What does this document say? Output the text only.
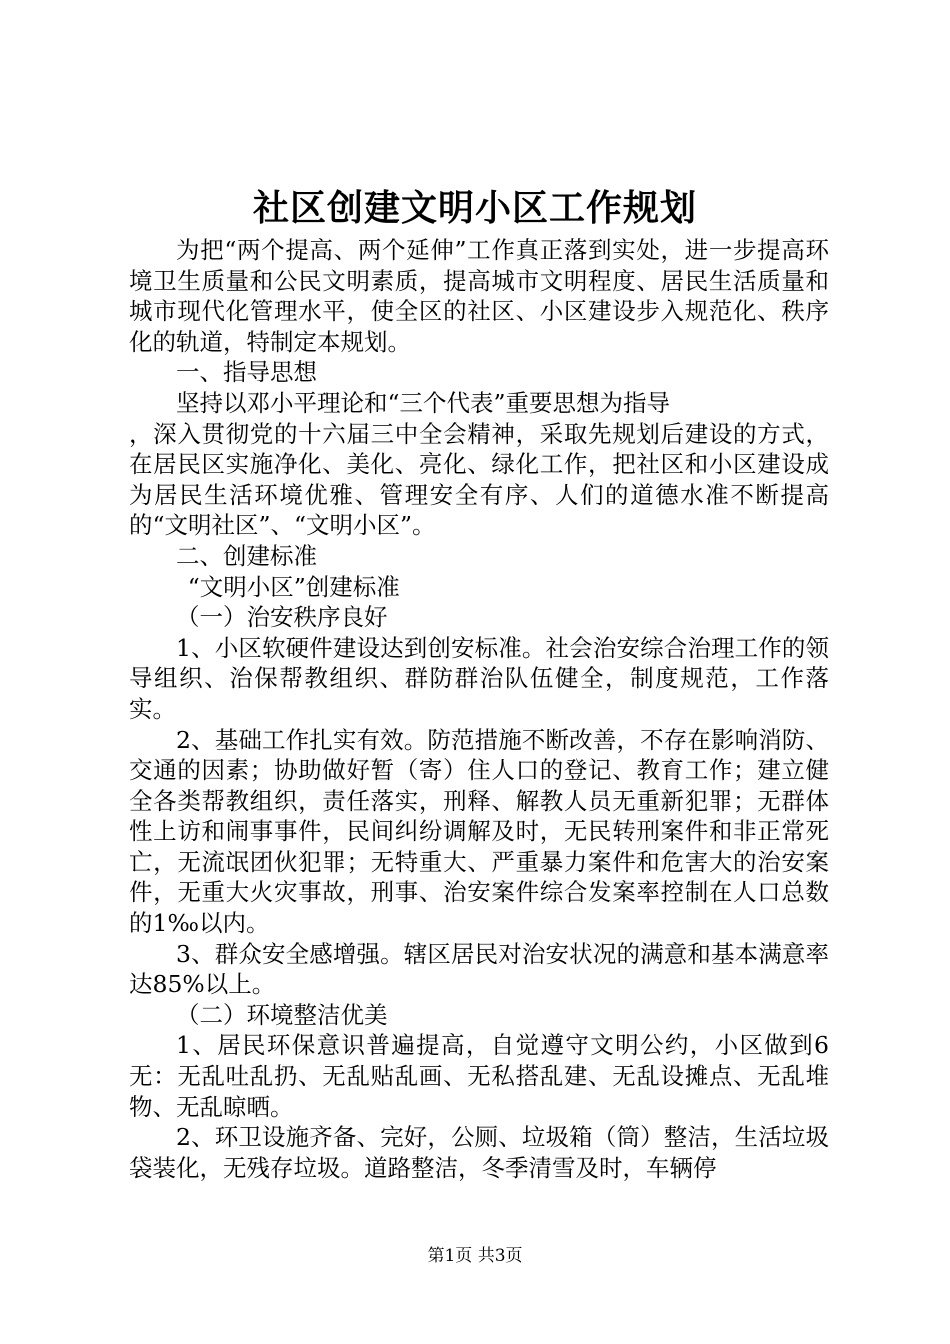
社区创建文明小区工作规划

为把“两个提高、两个延伸”工作真正落到实处，进一步提高环境卫生质量和公民文明素质，提高城市文明程度、居民生活质量和城市现代化管理水平，使全区的社区、小区建设步入规范化、秩序化的轨道，特制定本规划。

一、指导思想

坚持以邓小平理论和“三个代表”重要思想为指导

，深入贯彻党的十六届三中全会精神，采取先规划后建设的方式，在居民区实施净化、美化、亮化、绿化工作，把社区和小区建设成为居民生活环境优雅、管理安全有序、人们的道德水准不断提高的“文明社区”、“文明小区”。

二、创建标准

“文明小区”创建标准

（一）治安秩序良好

1、小区软硬件建设达到创安标准。社会治安综合治理工作的领导组织、治保帮教组织、群防群治队伍健全，制度规范，工作落实。

2、基础工作扎实有效。防范措施不断改善，不存在影响消防、交通的因素；协助做好暂（寄）住人口的登记、教育工作；建立健全各类帮教组织，责任落实，刑释、解教人员无重新犯罪；无群体性上访和闹事事件，民间纠纷调解及时，无民转刑案件和非正常死亡，无流氓团伙犯罪；无特重大、严重暴力案件和危害大的治安案件，无重大火灾事故，刑事、治安案件综合发案率控制在人口总数的1‰以内。

3、群众安全感增强。辖区居民对治安状况的满意和基本满意率达85%以上。

（二）环境整洁优美

1、居民环保意识普遍提高，自觉遵守文明公约，小区做到6无：无乱吐乱扔、无乱贴乱画、无私搭乱建、无乱设摊点、无乱堆物、无乱晾晒。

2、环卫设施齐备、完好，公厕、垃圾箱（筒）整洁，生活垃圾袋装化，无残存垃圾。道路整洁，冬季清雪及时，车辆停

第1页 共3页
